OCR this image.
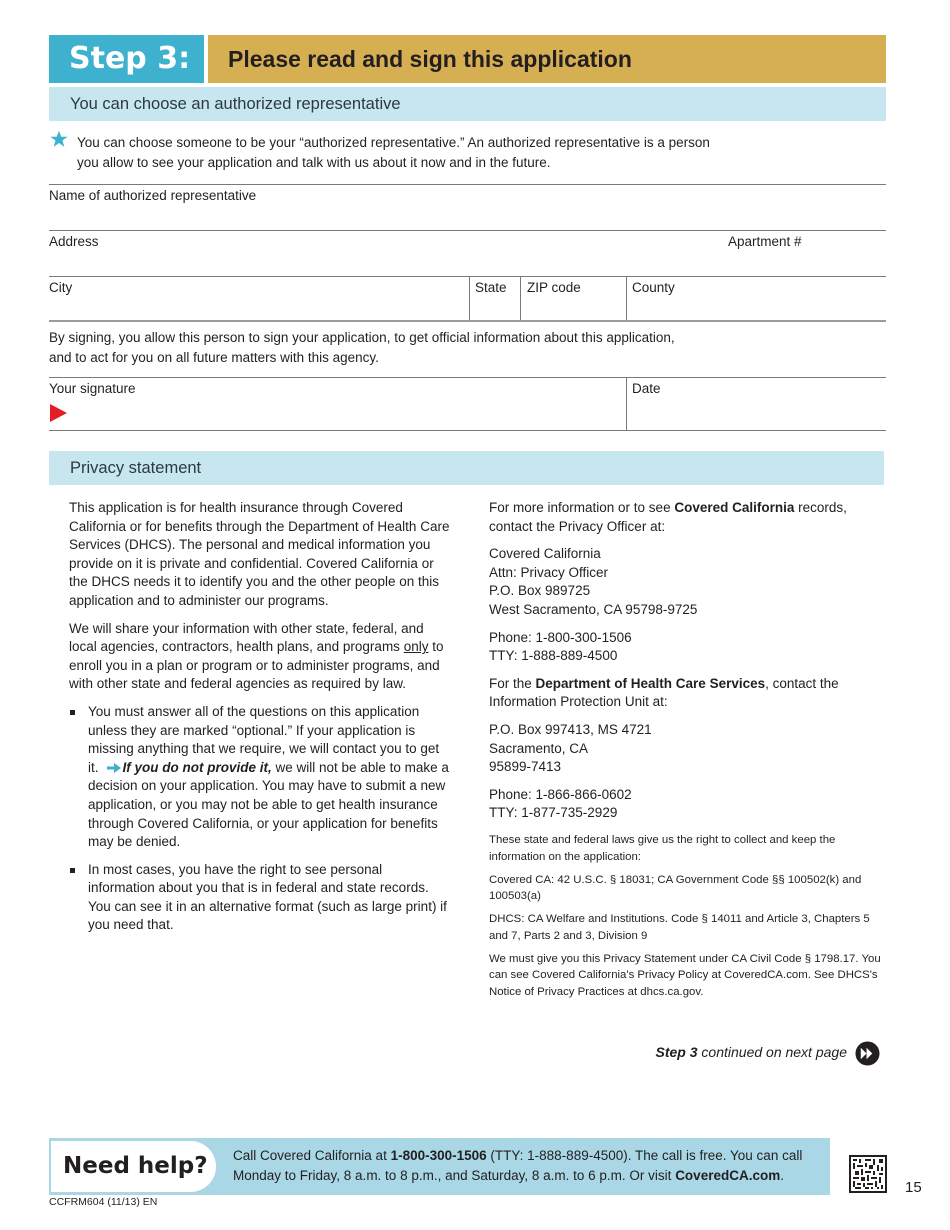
Step 3:	Please read and sign this application
You can choose an authorized representative
You can choose someone to be your “authorized representative.” An authorized representative is a person
you allow to see your application and talk with us about it now and in the future.
Name of authorized representative
Address	Apartment #
City	State ZIP code	County
By signing, you allow this person to sign your application, to get official information about this application,
and to act for you on all future matters with this agency.
Your signature	Date
Privacy statement

This application is for health insurance through Covered California or for benefits through the Department of Health Care Services (DHCS). The personal and medical information you provide on it is private and confidential. Covered California or the DHCS needs it to identify you and the other people on this application and to administer our programs.

We will share your information with other state, federal, and local agencies, contractors, health plans, and programs only to enroll you in a plan or program or to administer programs, and with other state and federal agencies as required by law.

You must answer all of the questions on this application unless they are marked “optional.” If your application is missing anything that we require, we will contact you to get it. If you do not provide it, we will not be able to make a decision on your application. You may have to submit a new application, or you may not be able to get health insurance through Covered California, or your application for benefits may be denied.
In most cases, you have the right to see personal information about you that is in federal and state records. You can see it in an alternative format (such as large print) if you need that.

For more information or to see Covered California records, contact the Privacy Officer at:

Covered California
Attn: Privacy Officer
P.O. Box 989725
West Sacramento, CA 95798-9725

Phone: 1-800-300-1506
TTY: 1-888-889-4500

For the Department of Health Care Services, contact the Information Protection Unit at:

P.O. Box 997413, MS 4721
Sacramento, CA
95899-7413

Phone: 1-866-866-0602
TTY: 1-877-735-2929

These state and federal laws give us the right to collect and keep the information on the application:

Covered CA: 42 U.S.C. § 18031; CA Government Code §§ 100502(k) and 100503(a)

DHCS: CA Welfare and Institutions. Code § 14011 and Article 3, Chapters 5 and 7, Parts 2 and 3, Division 9

We must give you this Privacy Statement under CA Civil Code § 1798.17. You can see Covered California's Privacy Policy at CoveredCA.com. See DHCS's Notice of Privacy Practices at dhcs.ca.gov.

Step 3 continued on next page
Need help?	Call Covered California at 1-800-300-1506 (TTY: 1-888-889-4500). The call is free. You can call Monday to Friday, 8 a.m. to 8 p.m., and Saturday, 8 a.m. to 6 p.m. Or visit CoveredCA.com.
15
CCFRM604 (11/13) EN
